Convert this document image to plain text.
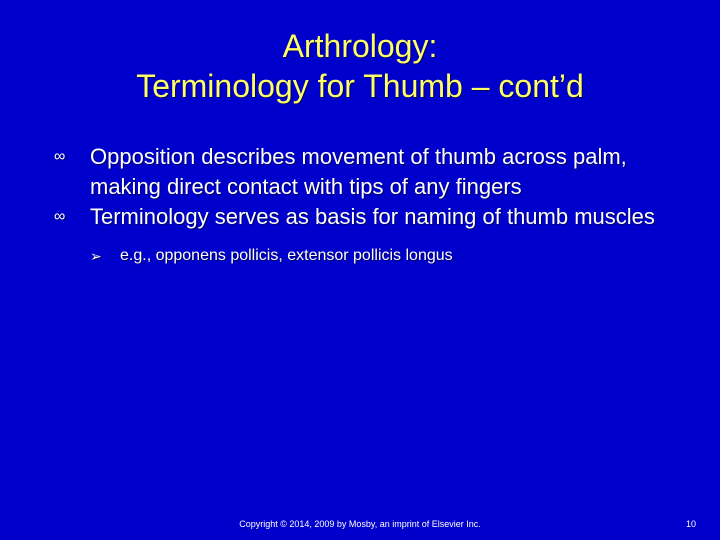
Arthrology:
Terminology for Thumb – cont’d
∞ Opposition describes movement of thumb across palm, making direct contact with tips of any fingers
∞ Terminology serves as basis for naming of thumb muscles
➢ e.g., opponens pollicis, extensor pollicis longus
Copyright © 2014, 2009 by Mosby, an imprint of Elsevier Inc.	10
